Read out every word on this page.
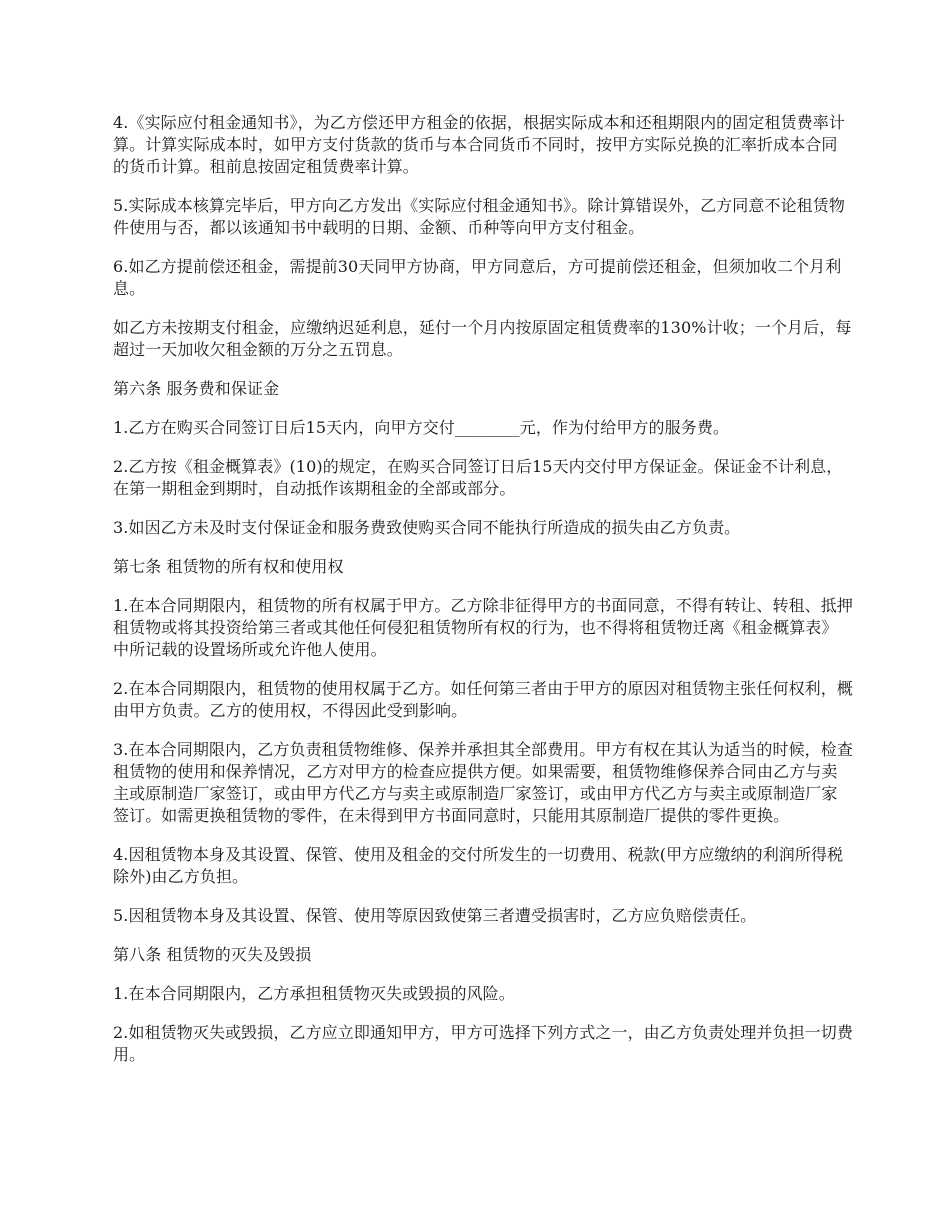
4.《实际应付租金通知书》，为乙方偿还甲方租金的依据，根据实际成本和还租期限内的固定租赁费率计算。计算实际成本时，如甲方支付货款的货币与本合同货币不同时，按甲方实际兑换的汇率折成本合同的货币计算。租前息按固定租赁费率计算。

5.实际成本核算完毕后，甲方向乙方发出《实际应付租金通知书》。除计算错误外，乙方同意不论租赁物件使用与否，都以该通知书中载明的日期、金额、币种等向甲方支付租金。

6.如乙方提前偿还租金，需提前30天同甲方协商，甲方同意后，方可提前偿还租金，但须加收二个月利息。

如乙方未按期支付租金，应缴纳迟延利息，延付一个月内按原固定租赁费率的130%计收；一个月后，每超过一天加收欠租金额的万分之五罚息。

第六条 服务费和保证金

1.乙方在购买合同签订日后15天内，向甲方交付________元，作为付给甲方的服务费。

2.乙方按《租金概算表》(10)的规定，在购买合同签订日后15天内交付甲方保证金。保证金不计利息，在第一期租金到期时，自动抵作该期租金的全部或部分。

3.如因乙方未及时支付保证金和服务费致使购买合同不能执行所造成的损失由乙方负责。

第七条 租赁物的所有权和使用权

1.在本合同期限内，租赁物的所有权属于甲方。乙方除非征得甲方的书面同意，不得有转让、转租、抵押租赁物或将其投资给第三者或其他任何侵犯租赁物所有权的行为，也不得将租赁物迁离《租金概算表》中所记载的设置场所或允许他人使用。

2.在本合同期限内，租赁物的使用权属于乙方。如任何第三者由于甲方的原因对租赁物主张任何权利，概由甲方负责。乙方的使用权，不得因此受到影响。

3.在本合同期限内，乙方负责租赁物维修、保养并承担其全部费用。甲方有权在其认为适当的时候，检查租赁物的使用和保养情况，乙方对甲方的检查应提供方便。如果需要，租赁物维修保养合同由乙方与卖主或原制造厂家签订，或由甲方代乙方与卖主或原制造厂家签订，或由甲方代乙方与卖主或原制造厂家签订。如需更换租赁物的零件，在未得到甲方书面同意时，只能用其原制造厂提供的零件更换。

4.因租赁物本身及其设置、保管、使用及租金的交付所发生的一切费用、税款(甲方应缴纳的利润所得税除外)由乙方负担。

5.因租赁物本身及其设置、保管、使用等原因致使第三者遭受损害时，乙方应负赔偿责任。

第八条 租赁物的灭失及毁损

1.在本合同期限内，乙方承担租赁物灭失或毁损的风险。

2.如租赁物灭失或毁损，乙方应立即通知甲方，甲方可选择下列方式之一，由乙方负责处理并负担一切费用。
